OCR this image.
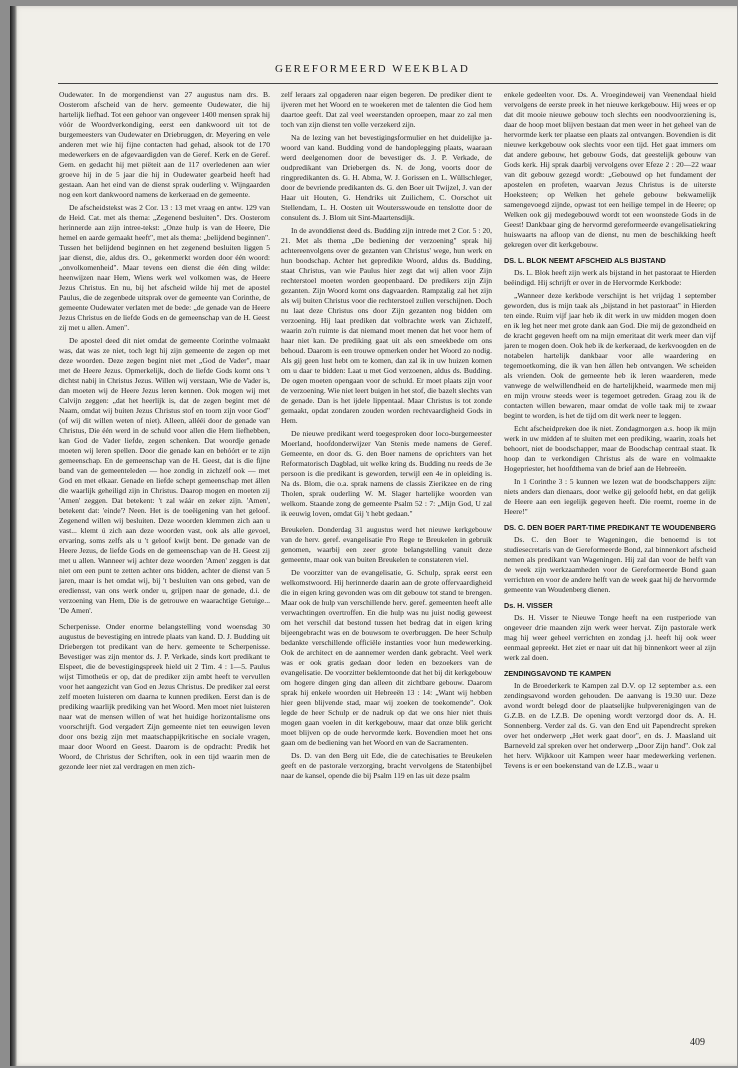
GEREFORMEERD WEEKBLAD

Oudewater. In de morgendienst van 27 augustus nam drs. B. Oosterom afscheid van de herv. gemeente Oudewater, die hij hartelijk liefhad. Tot een gehoor van ongeveer 1400 mensen sprak hij vóór de Woordverkondiging, eerst een dankwoord uit tot de burgemeesters van Oudewater en Driebruggen, dr. Meyering en vele anderen met wie hij fijne contacten had gehad, alsook tot de 170 medewerkers en de afgevaardigden van de Geref. Kerk en de Geref. Gem. en gedacht hij met piëteit aan de 117 overledenen aan wier groeve hij in de 5 jaar die hij in Oudewater gearbeid heeft had gestaan. Aan het eind van de dienst sprak ouderling v. Wijngaarden nog een kort dankwoord namens de kerkeraad en de gemeente.

De afscheidstekst was 2 Cor. 13 : 13 met vraag en antw. 129 van de Heid. Cat. met als thema: „Zegenend besluiten". Drs. Oosterom herinnerde aan zijn intree-tekst: „Onze hulp is van de Heere, Die hemel en aarde gemaakt heeft", met als thema: „belijdend beginnen". Tussen het belijdend beginnen en het zegenend besluiten liggen 5 jaar dienst, die, aldus drs. O., gekenmerkt worden door één woord: „onvolkomenheid". Maar tevens een dienst die één ding wilde: heenwijzen naar Hem, Wiens werk wel volkomen was, de Heere Jezus Christus. En nu, bij het afscheid wilde hij met de apostel Paulus, die de zegenbede uitsprak over de gemeente van Corinthe, de gemeente Oudewater verlaten met de bede: „de genade van de Heere Jezus Christus en de liefde Gods en de gemeenschap van de H. Geest zij met u allen. Amen".

De apostel deed dit niet omdat de gemeente Corinthe volmaakt was, dat was ze niet, toch legt hij zijn gemeente de zegen op met deze woorden. Deze zegen begint niet met „God de Vader", maar met de Heere Jezus. Opmerkelijk, doch de liefde Gods komt ons 't dichtst nabij in Christus Jezus. Willen wij verstaan, Wie de Vader is, dan moeten wij de Heere Jezus leren kennen. Ook mogen wij met Calvijn zeggen: „dat het heerlijk is, dat de zegen begint met dé Naam, omdat wij buiten Jezus Christus stof en toorn zijn voor God" (of wij dit willen weten of niet). Alleen, allééi door de genade van Christus, Die één werd in de schuld voor allen die Hem liefhebben, kan God de Vader liefde, zegen schenken. Dat woordje genade moeten wij leren spellen. Door die genade kan en behóórt er te zijn gemeenschap. En de gemeenschap van de H. Geest, dat is die fijne band van de gemeenteleden — hoe zondig in zichzelf ook — met God en met elkaar. Genade en liefde schept gemeenschap met állen die waarlijk geheiligd zijn in Christus. Daarop mogen en moeten zij 'Amen' zeggen. Dat betekent: 't zal wáár en zeker zijn. 'Amen', betekent dat: 'einde'? Neen. Het is de toeëigening van het geloof. Zegenend willen wij besluiten. Deze woorden klemmen zich aan u vast... klemt ú zich aan deze woorden vast, ook als alle gevoel, ervaring, soms zelfs als u 't geloof kwijt bent. De genade van de Heere Jezus, de liefde Gods en de gemeenschap van de H. Geest zij met u allen. Wanneer wij achter deze woorden 'Amen' zeggen is dat niet om een punt te zetten achter ons bidden, achter de dienst van 5 jaren, maar is het omdat wij, bij 't besluiten van ons gebed, van de erediensst, van ons werk onder u, grijpen naar de genade, d.i. de verzoening van Hem, Die is de getrouwe en waarachtige Getuige... 'De Amen'.

Scherpenisse. Onder enorme belangstelling vond woensdag 30 augustus de bevestiging en intrede plaats van kand. D. J. Budding uit Driebergen tot predikant van de herv. gemeente te Scherpenisse. Bevestiger was zijn mentor ds. J. P. Verkade, sinds kort predikant te Elspeet, die de bevestigingspreek hield uit 2 Tim. 4 : 1—5. Paulus wijst Timotheüs er op, dat de prediker zijn ambt heeft te vervullen voor het aangezicht van God en Jezus Christus. De prediker zal eerst zelf moeten luisteren om daarna te kunnen prediken. Eerst dan is de prediking waarlijk prediking van het Woord. Men moet niet luisteren naar wat de mensen willen of wat het huidige horizontalisme ons voorschrijft. God vergadert Zijn gemeente niet ten eeuwigen leven door ons bezig zijn met maatschappijkritische en sociale vragen, maar door Woord en Geest. Daarom is de opdracht: Predik het Woord, de Christus der Schriften, ook in een tijd waarin men de gezonde leer niet zal verdragen en men zich-

zelf leraars zal opgaderen naar eigen begeren. De prediker dient te ijveren met het Woord en te woekeren met de talenten die God hem daartoe geeft. Dat zal veel weerstanden oproepen, maar zo zal men toch van zijn dienst ten volle verzekerd zijn.

Na de lezing van het bevestigingsformulier en het duidelijke ja-woord van kand. Budding vond de handoplegging plaats, waaraan werd deelgenomen door de bevestiger ds. J. P. Verkade, de oudpredikant van Driebergen ds. N. de Jong, voorts door de ringpredikanten ds. G. H. Abma, W. J. Gorissen en L. Wüllschleger, door de bevriende predikanten ds. G. den Boer uit Twijzel, J. van der Haar uit Houten, G. Hendriks uit Zuilichem, C. Oorschot uit Stellendam, L. H. Oosten uit Woutersswoude en tenslotte door de consulent ds. J. Blom uit Sint-Maartensdijk.

In de avonddienst deed ds. Budding zijn intrede met 2 Cor. 5 : 20, 21. Met als thema „De bediening der verzoening" sprak hij achtereenvolgens over de gezanten van Christus' wege, hun werk en hun boodschap. Achter het gepredikte Woord, aldus ds. Budding, staat Christus, van wie Paulus hier zegt dat wij allen voor Zijn rechterstoel moeten worden geopenbaard. De predikers zijn Zijn gezanten. Zijn Woord komt ons dagvaarden. Rampzalig zal het zijn als wij buiten Christus voor die rechterstoel zullen verschijnen. Doch nu laat deze Christus ons door Zijn gezanten nog bidden om verzoening. Hij laat prediken dat volbrachte werk van Zichzelf, waarin zo'n ruimte is dat niemand moet menen dat het voor hem of haar niet kan. De prediking gaat uit als een smeekbede om ons behoud. Daarom is een trouwe opmerken onder het Woord zo nodig. Als gij geen lust hebt om te komen, dan zal ik in uw huizen komen om u daar te bidden: Laat u met God verzoenen, aldus ds. Budding. De ogen moeten opengaan voor de schuld. Er moet plaats zijn voor de verzoening. Wie niet leert buigen in het stof, die bazelt slechts van de genade. Dan is het ijdele lippentaal. Maar Christus is tot zonde gemaakt, opdat zondaren zouden worden rechtvaardigheid Gods in Hem.

De nieuwe predikant werd toegesproken door loco-burgemeester Moerland, hoofdonderwijzer Van Stenis mede namens de Geref. Gemeente, en door ds. G. den Boer namens de oprichters van het Reformatorisch Dagblad, uit welke kring ds. Budding nu reeds de 3e persoon is die predikant is geworden, terwijl een 4e in opleiding is. Na ds. Blom, die o.a. sprak namens de classis Zierikzee en de ring Tholen, sprak ouderling W. M. Slager hartelijke woorden van welkom. Staande zong de gemeente Psalm 52 : 7: „Mijn God, U zal ik eeuwig loven, omdat Gij 't hebt gedaan."

Breukelen. Donderdag 31 augustus werd het nieuwe kerkgebouw van de herv. geref. evangelisatie Pro Rege te Breukelen in gebruik genomen, waarbij een zeer grote belangstelling vanuit deze gemeente, maar ook van buiten Breukelen te constateren viel.

De voorzitter van de evangelisatie, G. Schulp, sprak eerst een welkomstwoord. Hij herinnerde daarin aan de grote offervaardigheid die in eigen kring gevonden was om dit gebouw tot stand te brengen. Maar ook de hulp van verschillende herv. geref. gemeenten heeft alle verwachtingen overtroffen. En die hulp was nu juist nodig geweest om het verschil dat bestond tussen het bedrag dat in eigen kring bijeengebracht was en de bouwsom te overbruggen. De heer Schulp bedankte verschillende officiële instanties voor hun medewerking. Ook de architect en de aannemer werden dank gebracht. Veel werk was er ook gratis gedaan door leden en bezoekers van de evangelisatie. De voorzitter beklemtoonde dat het bij dit kerkgebouw om hogere dingen ging dan alleen dit zichtbare gebouw. Daarom sprak hij enkele woorden uit Hebreeën 13 : 14: „Want wij hebben hier geen blijvende stad, maar wij zoeken de toekomende". Ook legde de heer Schulp er de nadruk op dat we ons hier niet thuis mogen gaan voelen in dit kerkgebouw, maar dat onze blik gericht moet blijven op de oude hervormde kerk. Bovendien moet het ons gaan om de bediening van het Woord en van de Sacramenten.

Ds. D. van den Berg uit Ede, die de catechisaties te Breukelen geeft en de pastorale verzorging, bracht vervolgens de Statenbijbel naar de kansel, opende die bij Psalm 119 en las uit deze psalm

enkele gedeelten voor. Ds. A. Vroegindeweij van Veenendaal hield vervolgens de eerste preek in het nieuwe kerkgebouw. Hij wees er op dat dit mooie nieuwe gebouw toch slechts een noodvoorziening is, daar de hoop moet blijven bestaan dat men weer in het geheel van de hervormde kerk ter plaatse een plaats zal ontvangen. Bovendien is dit nieuwe kerkgebouw ook slechts voor een tijd. Het gaat immers om dat andere gebouw, het gebouw Gods, dat geestelijk gebouw van Gods kerk. Hij sprak daarbij vervolgens over Efeze 2 : 20—22 waar van dit gebouw gezegd wordt: „Gebouwd op het fundament der apostelen en profeten, waarvan Jezus Christus is de uiterste Hoeksteen; op Welken het gehele gebouw bekwamelijk samengevoegd zijnde, opwast tot een heilige tempel in de Heere; op Welken ook gij medegebouwd wordt tot een woonstede Gods in de Geest! Dankbaar ging de hervormd gereformeerde evangelisatiekring huiswaarts na afloop van de dienst, nu men de beschikking heeft gekregen over dit kerkgebouw.

DS. L. BLOK NEEMT AFSCHEID ALS BIJSTAND

Ds. L. Blok heeft zijn werk als bijstand in het pastoraat te Hierden beëindigd. Hij schrijft er over in de Hervormde Kerkbode:

„Wanneer deze kerkbode verschijnt is het vrijdag 1 september geworden, dus is mijn taak als „bijstand in het pastoraat" in Hierden ten einde. Ruim vijf jaar heb ik dit werk in uw midden mogen doen en ik leg het neer met grote dank aan God. Die mij de gezondheid en de kracht gegeven heeft om na mijn emeritaat dit werk meer dan vijf jaren te mogen doen. Ook heb ik de kerkeraad, de kerkvoogden en de notabelen hartelijk dankbaar voor alle waardering en tegemoetkoming, die ik van hen állen heb ontvangen. We scheiden als vrienden. Ook de gemeente heb ik leren waarderen, mede vanwege de welwillendheid en de hartelijkheid, waarmede men mij en mijn vrouw steeds weer is tegemoet getreden. Graag zou ik de contacten willen bewaren, maar omdat de volle taak mij te zwaar begint te worden, is het de tijd om dit werk neer te leggen.

Echt afscheidpreken doe ik niet. Zondagmorgen a.s. hoop ik mijn werk in uw midden af te sluiten met een prediking, waarin, zoals het behoort, niet de boodschapper, maar de Boodschap centraal staat. Ik hoop dan te verkondigen Christus als de ware en volmaakte Hogepriester, het hoofdthema van de brief aan de Hebreeën.

In 1 Corinthe 3 : 5 kunnen we lezen wat de boodschappers zijn: niets anders dan dienaars, door welke gij geloofd hebt, en dat gelijk de Heere aan een iegelijk gegeven heeft. Die roemt, roeme in de Heere!"

DS. C. DEN BOER PART-TIME PREDIKANT TE WOUDENBERG

Ds. C. den Boer te Wageningen, die benoemd is tot studiesecretaris van de Gereformeerde Bond, zal binnenkort afscheid nemen als predikant van Wageningen. Hij zal dan voor de helft van de week zijn werkzaamheden voor de Gereformeerde Bond gaan verrichten en voor de andere helft van de week gaat hij de hervormde gemeente van Woudenberg dienen.

Ds. H. VISSER

Ds. H. Visser te Nieuwe Tonge heeft na een rustperiode van ongeveer drie maanden zijn werk weer hervat. Zijn pastorale werk mag hij weer geheel verrichten en zondag j.l. heeft hij ook weer eenmaal gepreekt. Het ziet er naar uit dat hij binnenkort weer al zijn werk zal doen.

ZENDINGSAVOND TE KAMPEN

In de Broederkerk te Kampen zal D.V. op 12 september a.s. een zendingsavond worden gehouden. De aanvang is 19.30 uur. Deze avond wordt belegd door de plaatselijke hulpverenigingen van de G.Z.B. en de I.Z.B. De opening wordt verzorgd door ds. A. H. Sonnenberg. Verder zal ds. G. van den End uit Papendrecht spreken over het onderwerp „Het werk gaat door", en ds. J. Maasland uit Barneveld zal spreken over het onderwerp „Door Zijn hand". Ook zal het herv. Wijkkoor uit Kampen weer haar medewerking verlenen. Tevens is er een boekenstand van de I.Z.B., waar u

409
